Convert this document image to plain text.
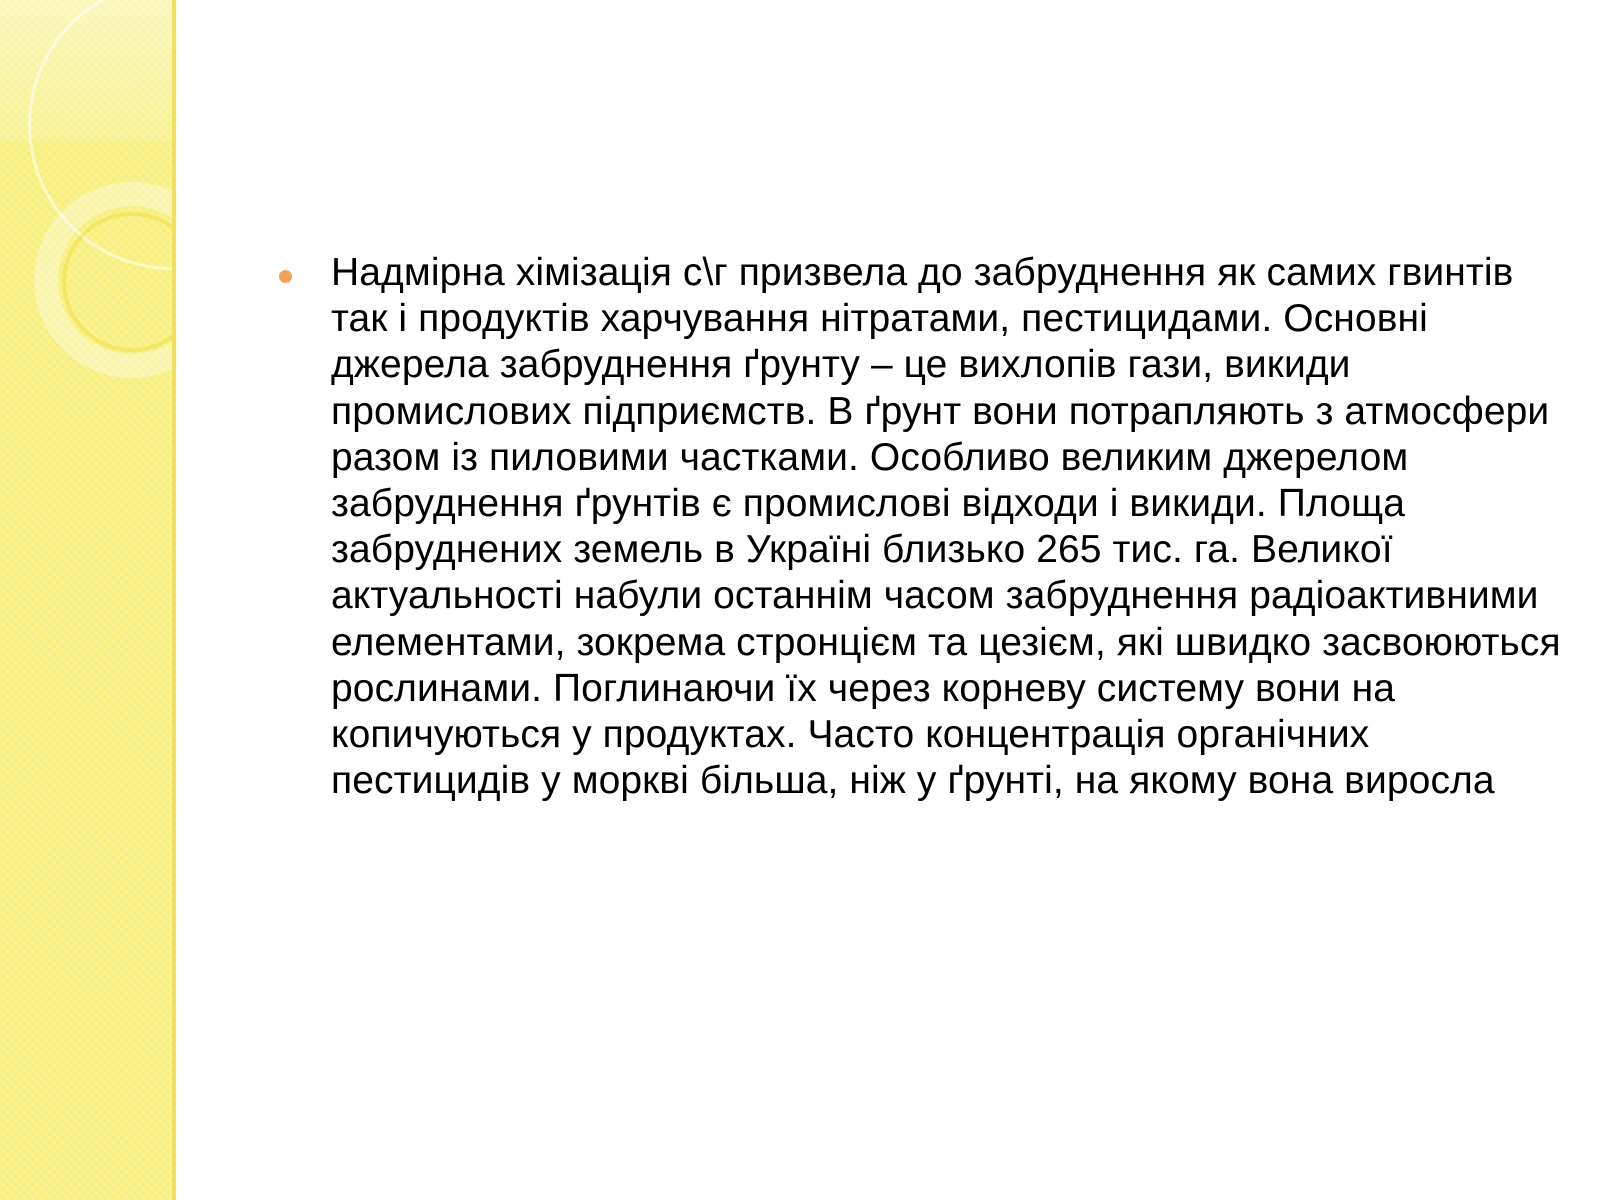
Надмірна хімізація с\г призвела до забруднення як самих гвинтів так і продуктів харчування нітратами, пестицидами. Основні джерела забруднення ґрунту – це вихлопів гази, викиди промислових підприємств. В ґрунт вони потрапляють з атмосфери разом із пиловими частками. Особливо великим джерелом забруднення ґрунтів є промислові відходи і викиди. Площа забруднених земель в Україні близько 265 тис. га. Великої актуальності набули останнім часом забруднення радіоактивними елементами, зокрема стронцієм та цезієм, які швидко засвоюються рослинами. Поглинаючи їх через корневу систему вони на копичуються у продуктах. Часто концентрація органічних пестицидів у моркві більша, ніж у ґрунті, на якому вона виросла
